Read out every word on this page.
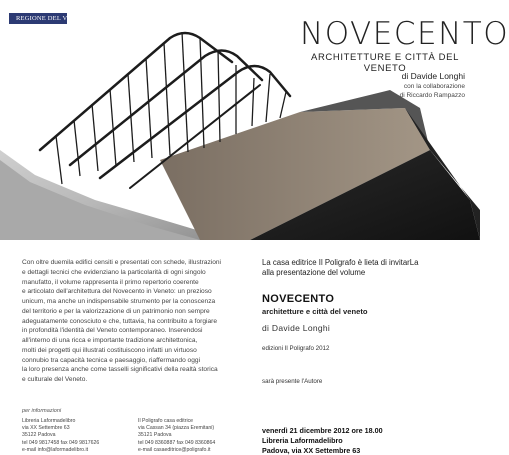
REGIONE DEL VENETO	NOVECENTO
ARCHITETTURE E CITTÀ DEL VENETO
di Davide Longhi
con la collaborazione
di Riccardo Rampazzo
Con oltre duemila edifici censiti e presentati con schede, illustrazioni
e dettagli tecnici che evidenziano la particolarità di ogni singolo
manufatto, il volume rappresenta il primo repertorio coerente
e articolato dell'architettura del Novecento in Veneto: un prezioso
unicum, ma anche un indispensabile strumento per la conoscenza
del territorio e per la valorizzazione di un patrimonio non sempre
adeguatamente conosciuto e che, tuttavia, ha contribuito a forgiare
in profondità l'identità del Veneto contemporaneo. Inserendosi
all'interno di una ricca e importante tradizione architettonica,
molti dei progetti qui illustrati costituiscono infatti un virtuoso
connubio tra capacità tecnica e paesaggio, riaffermando oggi
la loro presenza anche come tasselli significativi della realtà storica
e culturale del Veneto.
per informazioni
Libreria Laformadelibro
via XX Settembre 63
35122 Padova
tel 049 9817458 fax 049 9817626
e-mail info@laformadelibro.it
Il Poligrafo casa editrice
via Cassan 34 (piazza Eremitani)
35121 Padova
tel 049 8360887 fax 049 8360864
e-mail casaeditrice@poligrafo.it
La casa editrice Il Poligrafo è lieta di invitarLa
alla presentazione del volume
NOVECENTO
architetture e città del veneto
di Davide Longhi
edizioni Il Poligrafo 2012
sarà presente l'Autore
venerdì 21 dicembre 2012 ore 18.00
Libreria Laformadelibro
Padova, via XX Settembre 63
